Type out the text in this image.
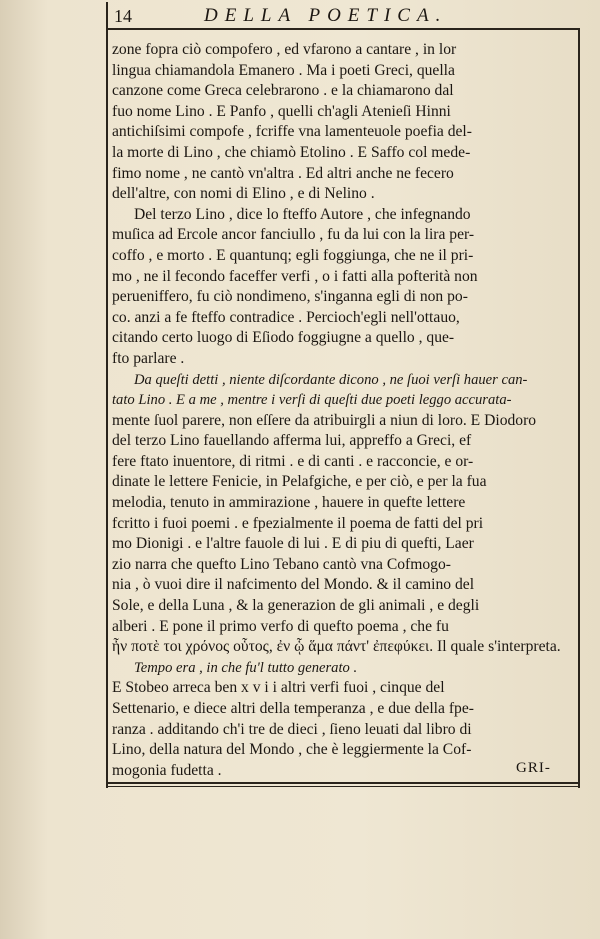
14	DELLA POETICA.
zone fopra ciò compofero , ed vfarono a cantare , in lor
lingua chiamandola Emanero . Ma i poeti Greci, quella
canzone come Greca celebrarono . e la chiamarono dal
fuo nome Lino . E Panfo , quelli ch'agli Atenieſi Hinni
antichiſsimi compofe , fcriffe vna lamenteuole poefia del-
la morte di Lino , che chiamò Etolino . E Saffo col mede-
fimo nome , ne cantò vn'altra . Ed altri anche ne fecero
dell'altre, con nomi di Elino , e di Nelino .
Del terzo Lino , dice lo fteffo Autore , che infegnando
muſica ad Ercole ancor fanciullo , fu da lui con la lira per-
coffo , e morto . E quantunq; egli foggiunga, che ne il pri-
mo , ne il fecondo faceffer verfi , o i fatti alla pofterità non
perueniffero, fu ciò nondimeno, s'inganna egli di non po-
co. anzi a fe fteffo contradice . Percioch'egli nell'ottauo,
citando certo luogo di Eſiodo foggiugne a quello , que-
fto parlare .
Da queſti detti , niente diſcordante dicono , ne ſuoi verſi hauer can-
tato Lino . E a me , mentre i verſi di queſti due poeti leggo accurata-
mente ſuol parere, non eſſere da atribuirgli a niun di loro. E Diodoro
del terzo Lino fauellando afferma lui, appreffo a Greci, ef
fere ftato inuentore, di ritmi . e di canti . e racconcie, e or-
dinate le lettere Fenicie, in Pelafgiche, e per ciò, e per la fua
melodia, tenuto in ammirazione , hauere in quefte lettere
fcritto i fuoi poemi . e fpezialmente il poema de fatti del pri
mo Dionigi . e l'altre fauole di lui . E di piu di quefti, Laer
zio narra che quefto Lino Tebano cantò vna Cofmogo-
nia , ò vuoi dire il nafcimento del Mondo. & il camino del
Sole, e della Luna , & la generazion de gli animali , e degli
alberi . E pone il primo verfo di quefto poema , che fu
ἦν ποτὲ τοι χρόνος οὗτος, ἐν ᾧ ἅμα πάντ' ἐπεφύκει. Il quale s'interpreta.
Tempo era , in che fu'l tutto generato .
E Stobeo arreca ben x v i i altri verfi fuoi , cinque del
Settenario, e diece altri della temperanza , e due della fpe-
ranza . additando ch'i tre de dieci , ſieno leuati dal libro di
Lino, della natura del Mondo , che è leggiermente la Cof-
mogonia fudetta .	GRI-
